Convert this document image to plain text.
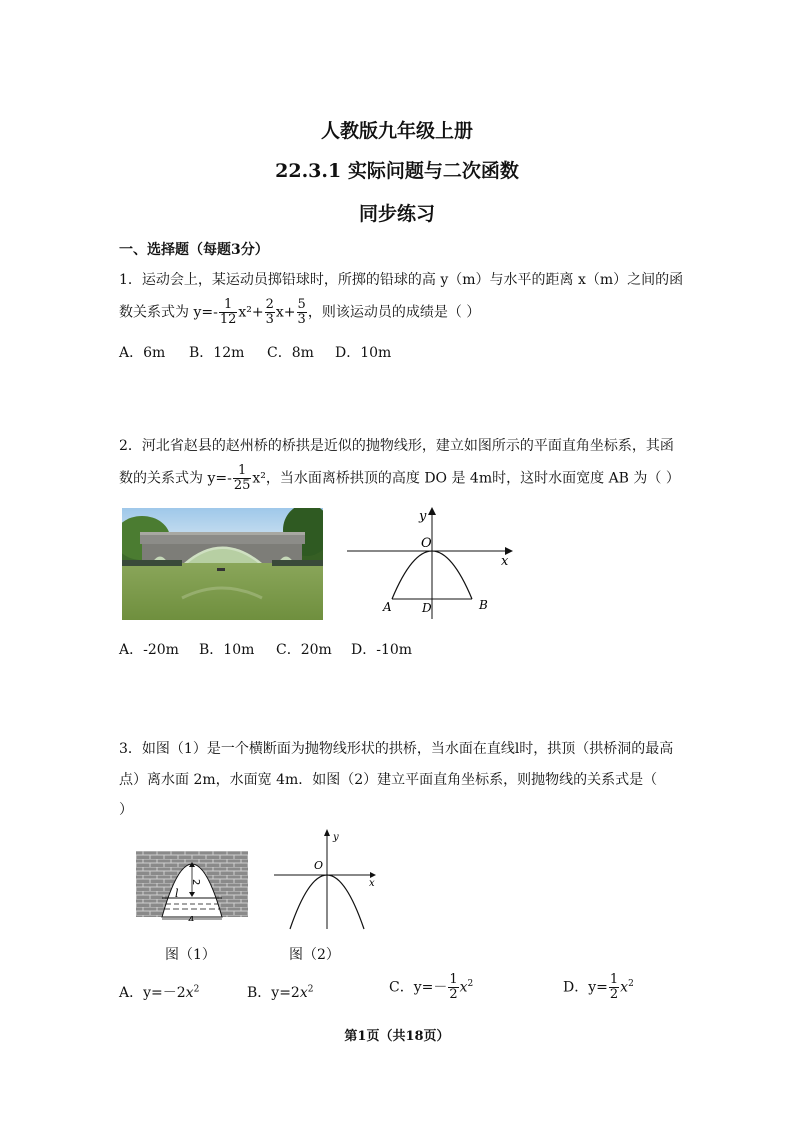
人教版九年级上册
22.3.1 实际问题与二次函数
同步练习
一、选择题（每题3分）
1．运动会上，某运动员掷铅球时，所掷的铅球的高 y（m）与水平的距离 x（m）之间的函
数关系式为 $y=- \frac{1}{12} x^2+ \frac{2}{3} x+ \frac{5}{3}$ ，则该运动员的成绩是（ ）
A．6m B．12m C．8m D．10m
2．河北省赵县的赵州桥的桥拱是近似的抛物线形，建立如图所示的平面直角坐标系，其函
数的关系式为 $y=- \frac{1}{25} x^2$，当水面离桥拱顶的高度 DO 是 4m时，这时水面宽度 AB 为（ ）
y
x
O
A	D	B
A．-20m B．10m C．20m D．-10m
3．如图（1）是一个横断面为抛物线形状的拱桥，当水面在直线l时，拱顶（拱桥洞的最高
点）离水面 2m，水面宽 4m．如图（2）建立平面直角坐标系，则抛物线的关系式是（
）
2
l
4
y
x
O
图（1）	图（2）
A．$y=-2x^2$	B．$y=2x^2$	C．$y=- \frac{1}{2} x^2$	D．$y= \frac{1}{2} x^2$
第1页（共18页）
